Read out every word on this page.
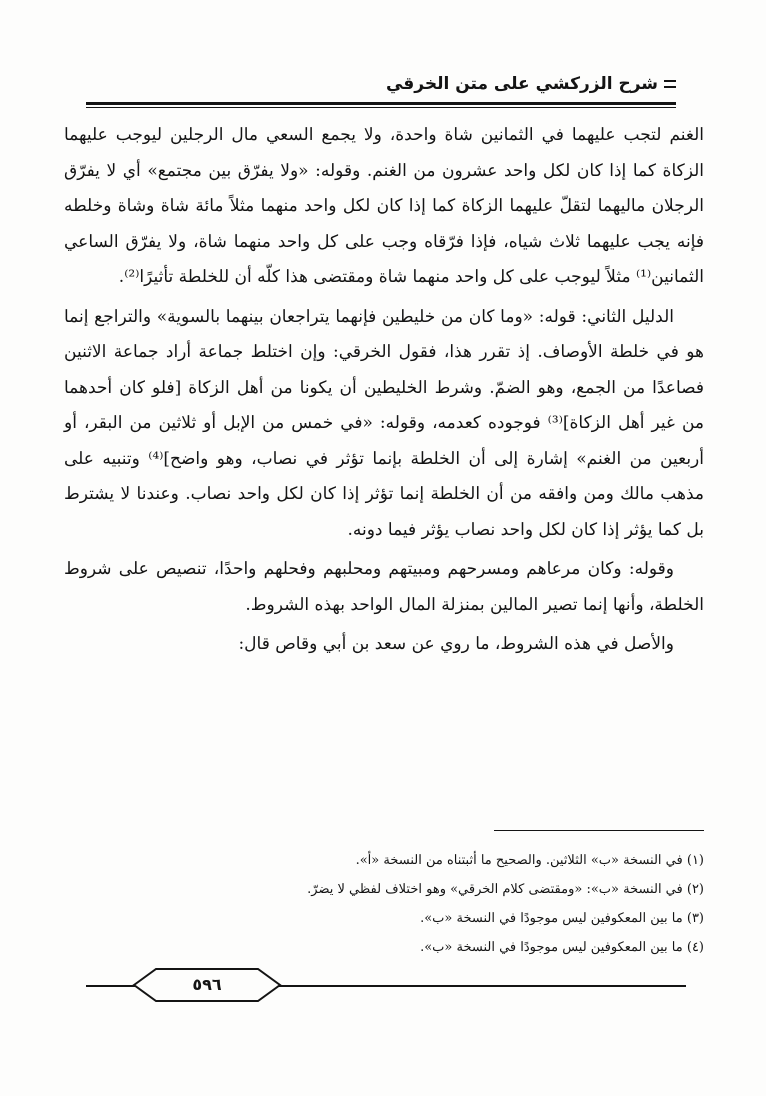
شرح الزركشي على متن الخرقي

الغنم لتجب عليهما في الثمانين شاة واحدة، ولا يجمع السعي مال الرجلين ليوجب عليهما الزكاة كما إذا كان لكل واحد عشرون من الغنم. وقوله: «ولا يفرّق بين مجتمع» أي لا يفرّق الرجلان ماليهما لتقلّ عليهما الزكاة كما إذا كان لكل واحد منهما مثلاً مائة شاة وشاة وخلطه فإنه يجب عليهما ثلاث شياه، فإذا فرّقاه وجب على كل واحد منهما شاة، ولا يفرّق الساعي الثمانين⁽¹⁾ مثلاً ليوجب على كل واحد منهما شاة ومقتضى هذا كلّه أن للخلطة تأثيرًا⁽²⁾.

الدليل الثاني: قوله: «وما كان من خليطين فإنهما يتراجعان بينهما بالسوية» والتراجع إنما هو في خلطة الأوصاف. إذ تقرر هذا، فقول الخرقي: وإن اختلط جماعة أراد جماعة الاثنين فصاعدًا من الجمع، وهو الضمّ. وشرط الخليطين أن يكونا من أهل الزكاة [فلو كان أحدهما من غير أهل الزكاة]⁽³⁾ فوجوده كعدمه، وقوله: «في خمس من الإبل أو ثلاثين من البقر، أو أربعين من الغنم» إشارة إلى أن الخلطة بإنما تؤثر في نصاب، وهو واضح]⁽⁴⁾ وتنبيه على مذهب مالك ومن وافقه من أن الخلطة إنما تؤثر إذا كان لكل واحد نصاب. وعندنا لا يشترط بل كما يؤثر إذا كان لكل واحد نصاب يؤثر فيما دونه.

وقوله: وكان مرعاهم ومسرحهم ومبيتهم ومحلبهم وفحلهم واحدًا، تنصيص على شروط الخلطة، وأنها إنما تصير المالين بمنزلة المال الواحد بهذه الشروط.

والأصل في هذه الشروط، ما روي عن سعد بن أبي وقاص قال:

(١) في النسخة «ب» الثلاثين. والصحيح ما أثبتناه من النسخة «أ».
(٢) في النسخة «ب»: «ومقتضى كلام الخرقي» وهو اختلاف لفظي لا يضرّ.
(٣) ما بين المعكوفين ليس موجودًا في النسخة «ب».
(٤) ما بين المعكوفين ليس موجودًا في النسخة «ب».
٥٩٦
